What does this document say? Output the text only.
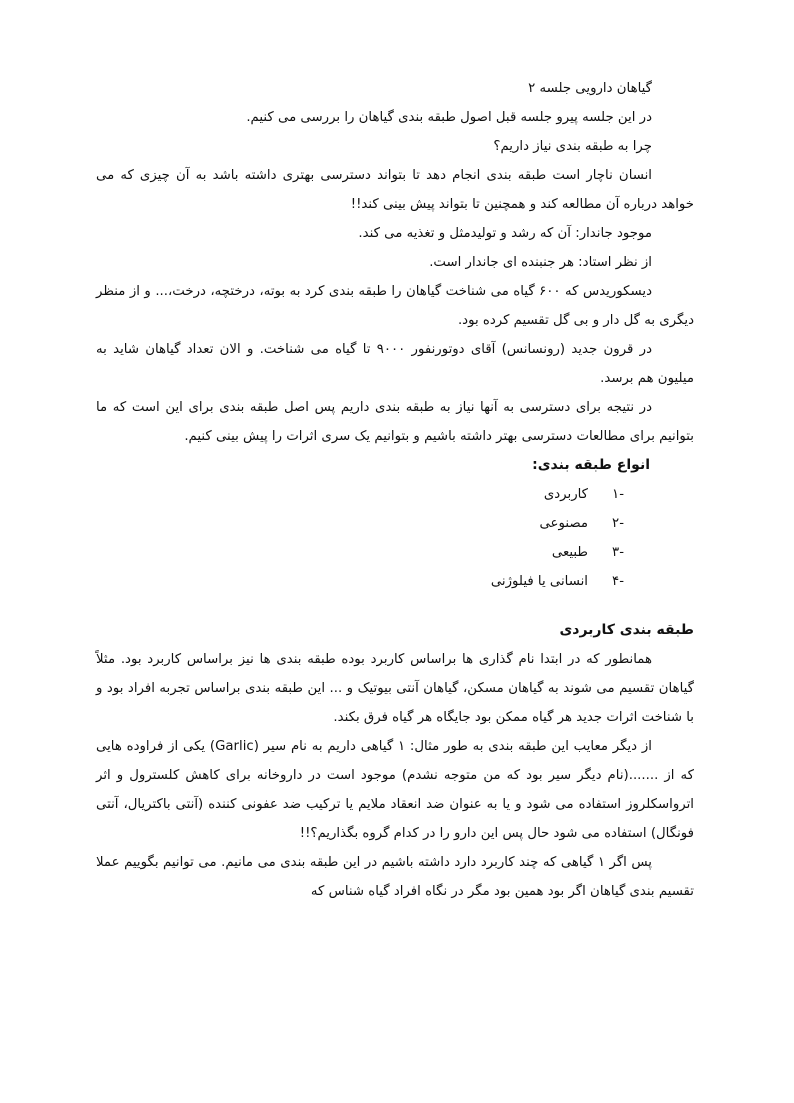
گیاهان دارویی جلسه ۲

در این جلسه پیرو جلسه قبل اصول طبقه بندی گیاهان را بررسی می کنیم.

چرا به طبقه بندی نیاز داریم؟

انسان ناچار است طبقه بندی انجام دهد تا بتواند دسترسی بهتری داشته باشد به آن چیزی که می خواهد درباره آن مطالعه کند و همچنین تا بتواند پیش بینی کند!!

موجود جاندار: آن که رشد و تولیدمثل و تغذیه می کند.

از نظر استاد: هر جنبنده ای جاندار است.

دیسکوریدس که ۶۰۰ گیاه می شناخت گیاهان را طبقه بندی کرد به بوته، درختچه، درخت،... و از منظر دیگری به گل دار و بی گل تقسیم کرده بود.

در قرون جدید (رونسانس) آقای دوتورنفور ۹۰۰۰ تا گیاه می شناخت. و الان تعداد گیاهان شاید به میلیون هم برسد.

در نتیجه برای دسترسی به آنها نیاز به طبقه بندی داریم پس اصل طبقه بندی برای این است که ما بتوانیم برای مطالعات دسترسی بهتر داشته باشیم و بتوانیم یک سری اثرات را پیش بینی کنیم.

انواع طبقه بندی:

-۱
کاربردی
-۲
مصنوعی
-۳
طبیعی
-۴
انسانی یا فیلوژنی

طبقه بندی کاربردی

همانطور که در ابتدا نام گذاری ها براساس کاربرد بوده طبقه بندی ها نیز براساس کاربرد بود. مثلاً گیاهان تقسیم می شوند به گیاهان مسکن، گیاهان آنتی بیوتیک و ... این طبقه بندی براساس تجربه افراد بود و با شناخت اثرات جدید هر گیاه ممکن بود جایگاه هر گیاه فرق بکند.

از دیگر معایب این طبقه بندی به طور مثال: ۱ گیاهی داریم به نام سیر (Garlic) یکی از فراوده هایی که از .......(نام دیگر سیر بود که من متوجه نشدم) موجود است در داروخانه برای کاهش کلسترول و اثر اترواسکلروز استفاده می شود و یا به عنوان ضد انعقاد ملایم یا ترکیب ضد عفونی کننده (آنتی باکتریال، آنتی فونگال) استفاده می شود حال پس این دارو را در کدام گروه بگذاریم؟!!

پس اگر ۱ گیاهی که چند کاربرد دارد داشته باشیم در این طبقه بندی می مانیم. می توانیم بگوییم عملا تقسیم بندی گیاهان اگر بود همین بود مگر در نگاه افراد گیاه شناس که
